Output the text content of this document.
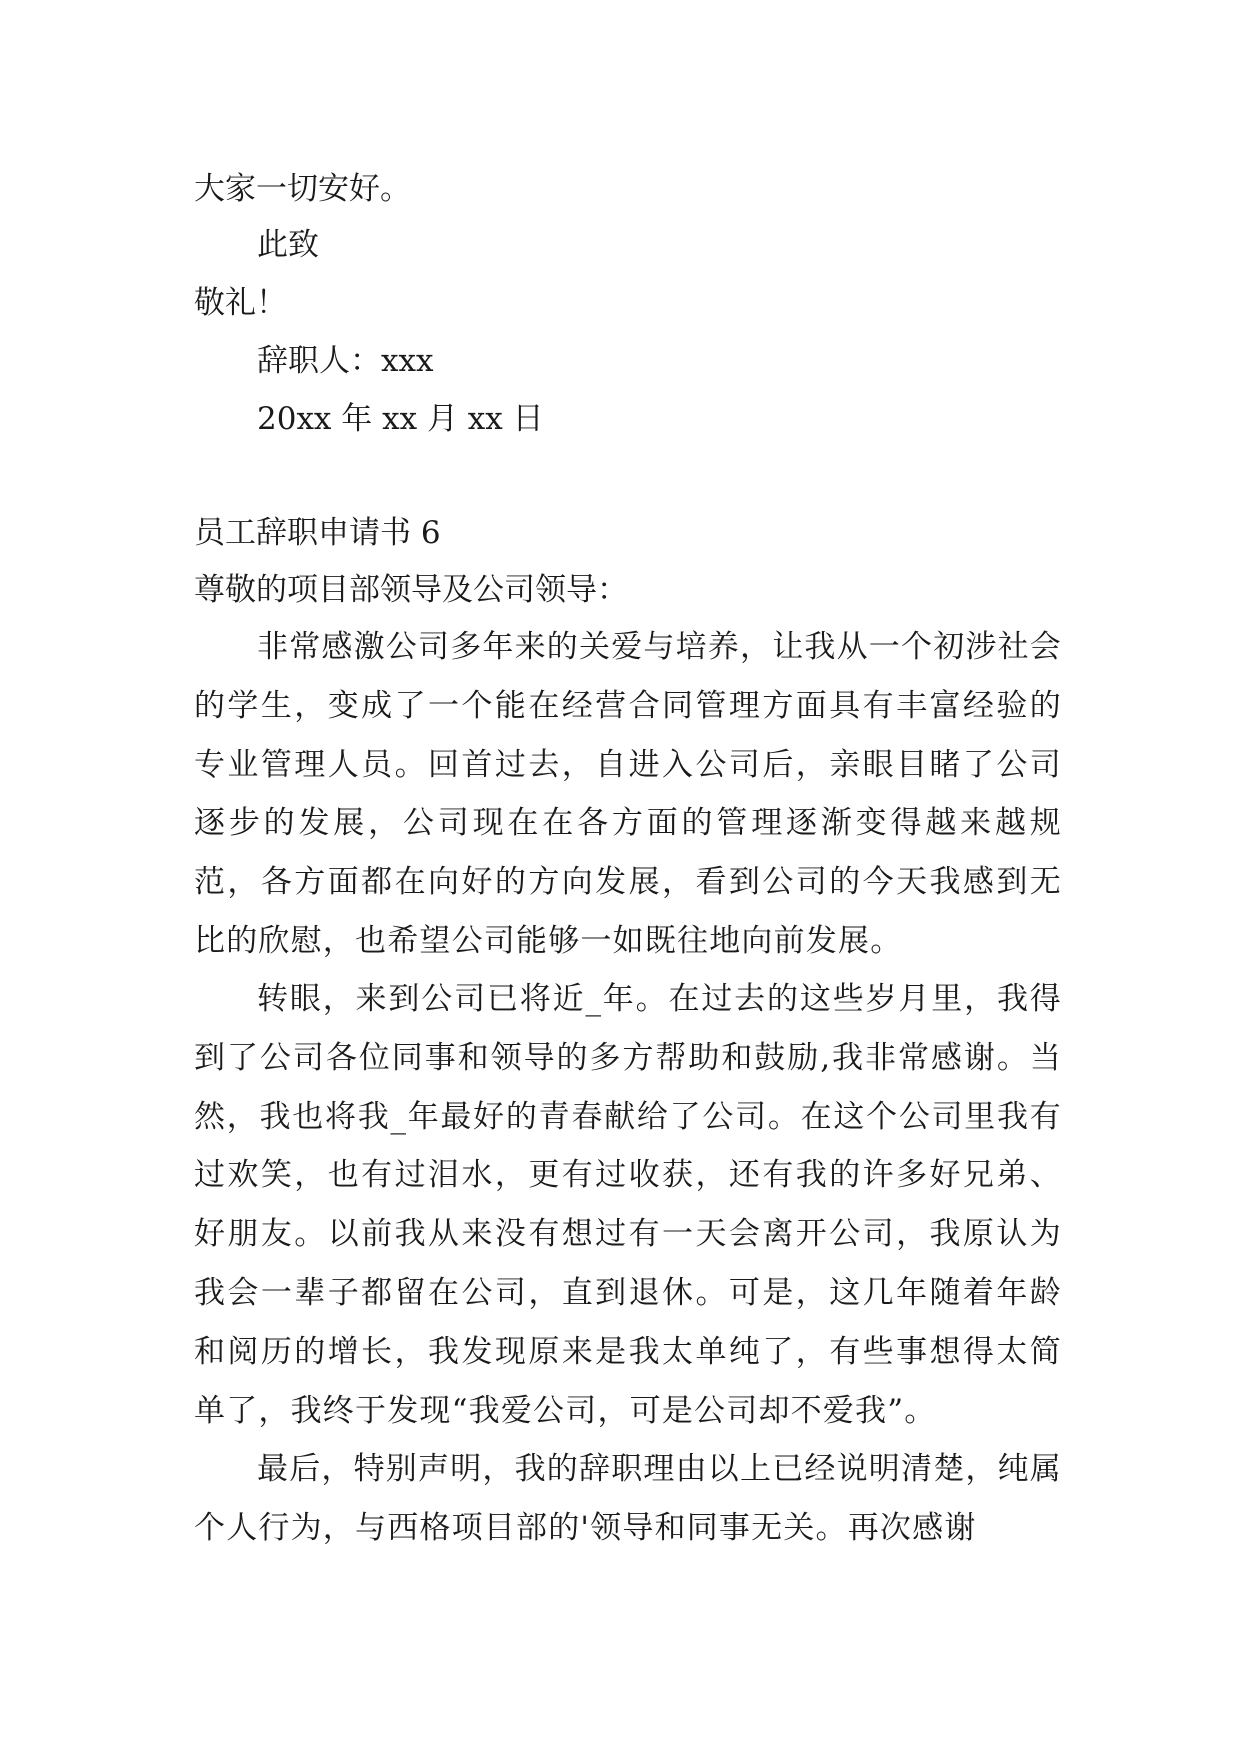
大家一切安好。
此致
敬礼！
辞职人：xxx
20xx 年 xx 月 xx 日
员工辞职申请书 6
尊敬的项目部领导及公司领导：

非常感激公司多年来的关爱与培养，让我从一个初涉社会的学生，变成了一个能在经营合同管理方面具有丰富经验的专业管理人员。回首过去，自进入公司后，亲眼目睹了公司逐步的发展，公司现在在各方面的管理逐渐变得越来越规范，各方面都在向好的方向发展，看到公司的今天我感到无比的欣慰，也希望公司能够一如既往地向前发展。

转眼，来到公司已将近_年。在过去的这些岁月里，我得到了公司各位同事和领导的多方帮助和鼓励,我非常感谢。当然，我也将我_年最好的青春献给了公司。在这个公司里我有过欢笑，也有过泪水，更有过收获，还有我的许多好兄弟、好朋友。以前我从来没有想过有一天会离开公司，我原认为我会一辈子都留在公司，直到退休。可是，这几年随着年龄和阅历的增长，我发现原来是我太单纯了，有些事想得太简单了，我终于发现“我爱公司，可是公司却不爱我”。

最后，特别声明，我的辞职理由以上已经说明清楚，纯属个人行为，与西格项目部的'领导和同事无关。再次感谢
